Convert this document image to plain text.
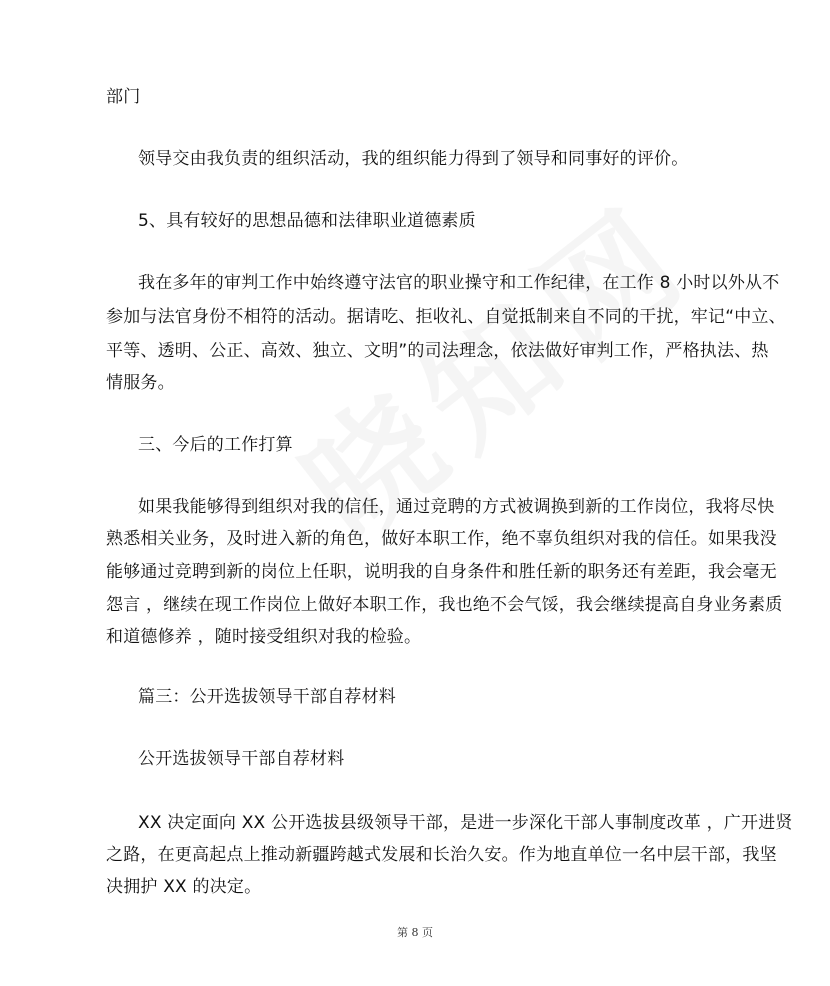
部门
领导交由我负责的组织活动，我的组织能力得到了领导和同事好的评价。
5、具有较好的思想品德和法律职业道德素质
我在多年的审判工作中始终遵守法官的职业操守和工作纪律，在工作 8 小时以外从不
参加与法官身份不相符的活动。据请吃、拒收礼、自觉抵制来自不同的干扰，牢记“中立、
平等、透明、公正、高效、独立、文明”的司法理念，依法做好审判工作，严格执法、热
情服务。
三、今后的工作打算
如果我能够得到组织对我的信任，通过竞聘的方式被调换到新的工作岗位，我将尽快
熟悉相关业务，及时进入新的角色，做好本职工作，绝不辜负组织对我的信任。如果我没
能够通过竞聘到新的岗位上任职，说明我的自身条件和胜任新的职务还有差距，我会毫无
怨言 ，继续在现工作岗位上做好本职工作，我也绝不会气馁，我会继续提高自身业务素质
和道德修养 ，随时接受组织对我的检验。
篇三：公开选拔领导干部自荐材料
公开选拔领导干部自荐材料
XX 决定面向 XX 公开选拔县级领导干部，是进一步深化干部人事制度改革 ，广开进贤
之路，在更高起点上推动新疆跨越式发展和长治久安。作为地直单位一名中层干部，我坚
决拥护 XX 的决定。
第 8 页
